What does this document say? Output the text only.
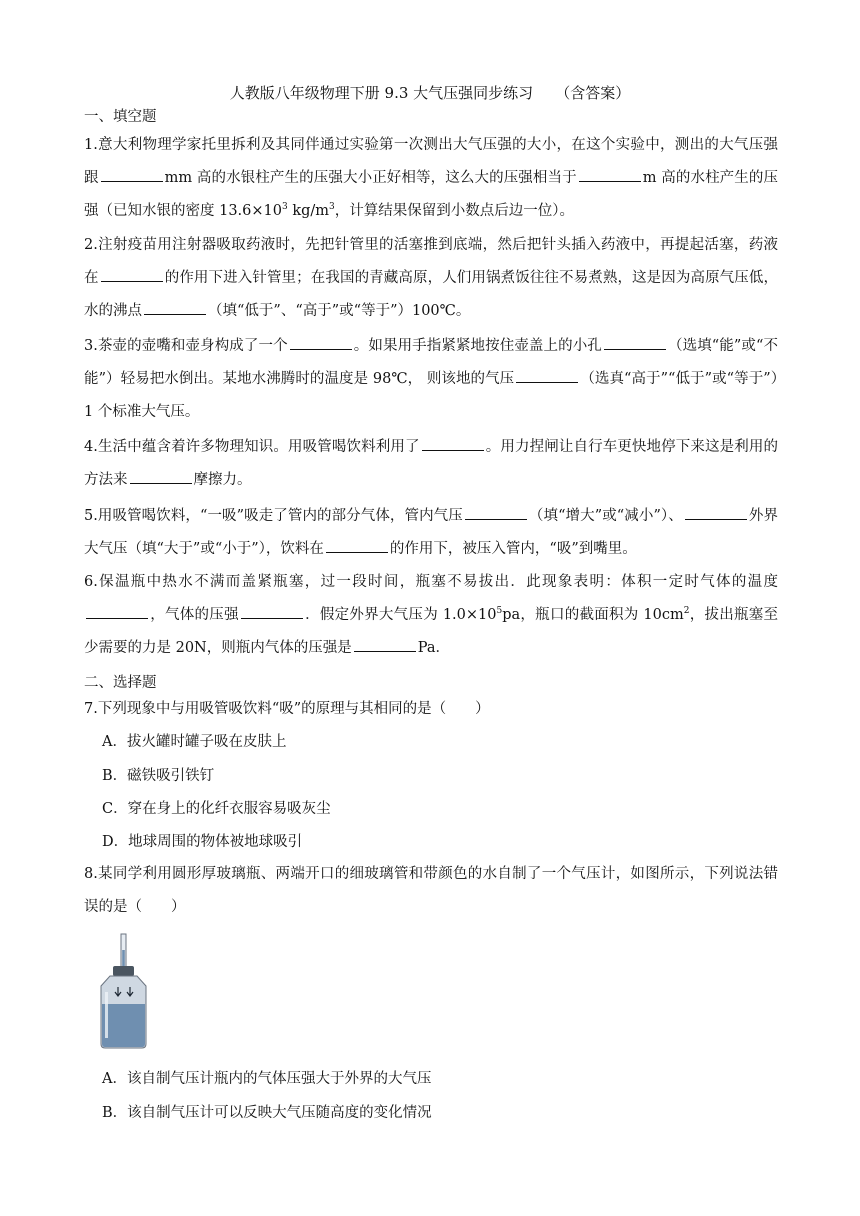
人教版八年级物理下册 9.3 大气压强同步练习 （含答案）
一、填空题
1.意大利物理学家托里拆利及其同伴通过实验第一次测出大气压强的大小，在这个实验中，测出的大气压强跟	mm 高的水银柱产生的压强大小正好相等，这么大的压强相当于	m 高的水柱产生的压强（已知水银的密度 $13.6\times 10^3$ $kg/m^3$，计算结果保留到小数点后边一位）。
2.注射疫苗用注射器吸取药液时，先把针管里的活塞推到底端，然后把针头插入药液中，再提起活塞，药液在	的作用下进入针管里；在我国的青藏高原，人们用锅煮饭往往不易煮熟，这是因为高原气压低，水的沸点	（填“低于”、“高于”或“等于”）100℃。
3.茶壶的壶嘴和壶身构成了一个	。如果用手指紧紧地按住壶盖上的小孔	（选填“能”或“不能”）轻易把水倒出。某地水沸腾时的温度是 98℃， 则该地的气压	（选真“高于”“低于”或“等于”）1 个标准大气压。
4.生活中蕴含着许多物理知识。用吸管喝饮料利用了	。用力捏闸让自行车更快地停下来这是利用的方法来	摩擦力。
5.用吸管喝饮料，“一吸”吸走了管内的部分气体，管内气压	（填“增大”或“减小”）、	外界大气压（填“大于”或“小于”），饮料在	的作用下，被压入管内，“吸”到嘴里。
6.保温瓶中热水不满而盖紧瓶塞，过一段时间，瓶塞不易拔出．此现象表明：体积一定时气体的温度，气体的压强	．假定外界大气压为 $1.0\times 10^5pa$，瓶口的截面积为 $10cm^2$，拔出瓶塞至少需要的力是 20N，则瓶内气体的压强是	Pa．
二、选择题
7.下列现象中与用吸管吸饮料“吸”的原理与其相同的是（　　）
A．拔火罐时罐子吸在皮肤上
B．磁铁吸引铁钉
C．穿在身上的化纤衣服容易吸灰尘
D．地球周围的物体被地球吸引
8.某同学利用圆形厚玻璃瓶、两端开口的细玻璃管和带颜色的水自制了一个气压计，如图所示，下列说法错误的是（　　）
A．该自制气压计瓶内的气体压强大于外界的大气压
B．该自制气压计可以反映大气压随高度的变化情况
